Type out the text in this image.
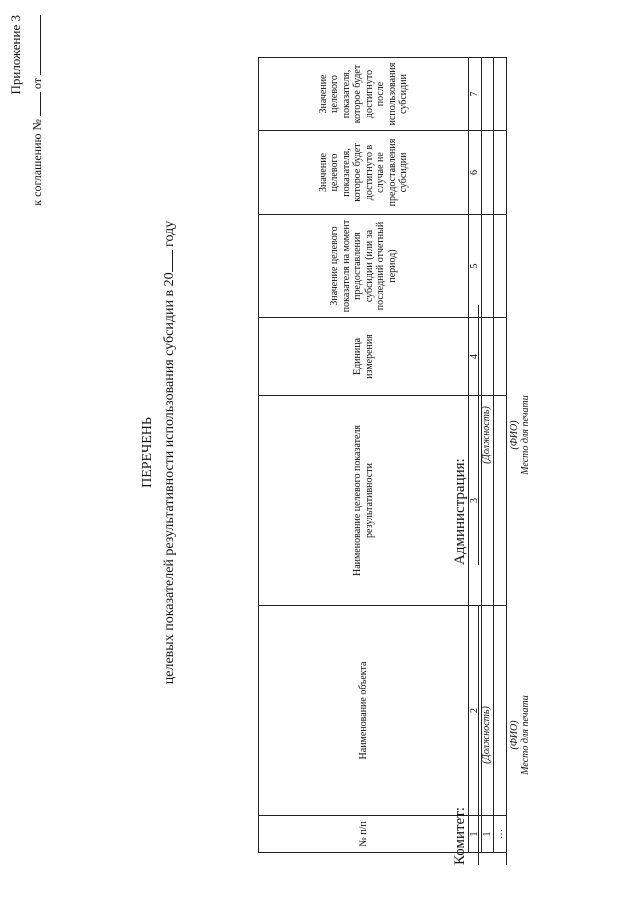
Приложение 3
к соглашению №  от
ПЕРЕЧЕНЬ целевых показателей результативности использования субсидии в 20 году
№ п/п	Наименование объекта	Наименование целевого показателя результативности	Единица измерения	Значение целевого показателя на момент предоставления субсидии (или за последний отчетный период)	Значение целевого показателя, которое будет достигнуто в случае не предоставления субсидии	Значение целевого показателя, которое будет достигнуто после использования субсидии
1	2	3	4	5	6	7
1						
…						
Комитет:
(Должность)	(ФИО) Место для печати
Администрация:
(Должность)	(ФИО) Место для печати
